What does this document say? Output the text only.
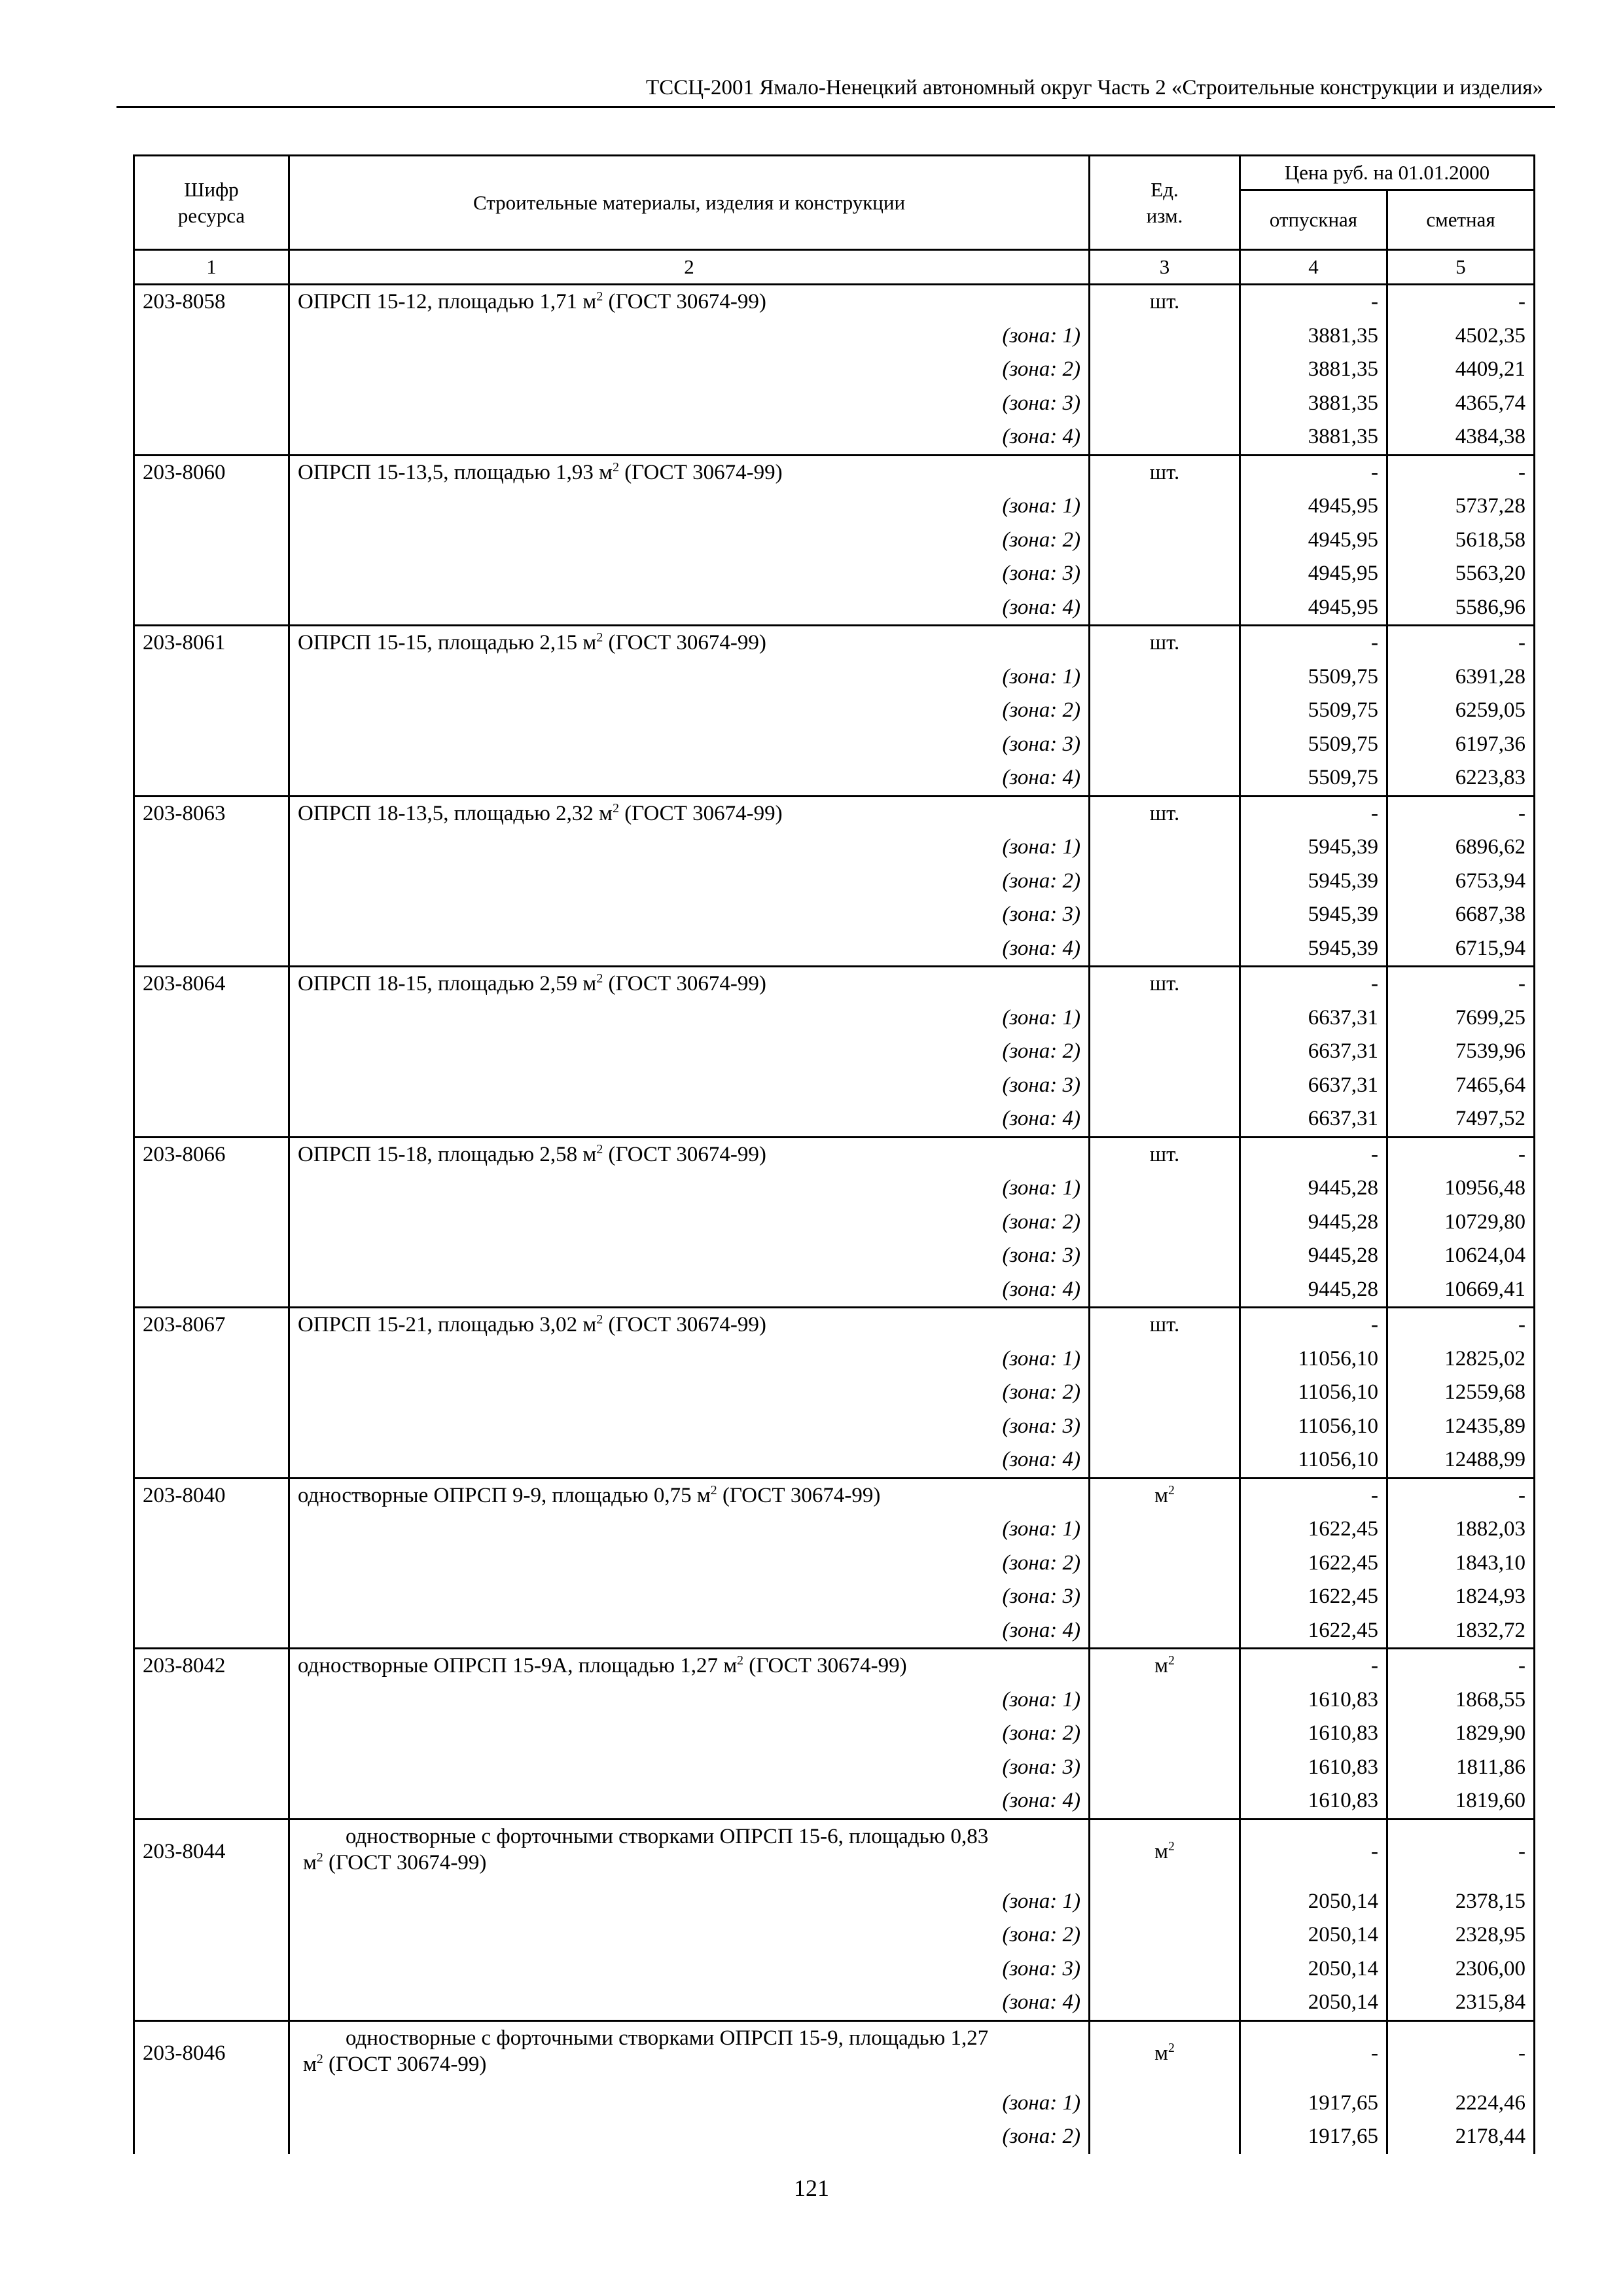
ТССЦ-2001 Ямало-Ненецкий автономный округ Часть 2 «Строительные конструкции и изделия»
Шифр
ресурса	Строительные материалы, изделия и конструкции	Ед.
изм.	Цена руб. на 01.01.2000	
			отпускная	сметная
1	2	3	4	5
203-8058	ОПРСП 15-12, площадью 1,71 $м^2$ (ГОСТ 30674-99)	шт.	-	-
	(зона: 1)		3881,35	4502,35
	(зона: 2)		3881,35	4409,21
	(зона: 3)		3881,35	4365,74
	(зона: 4)		3881,35	4384,38
203-8060	ОПРСП 15-13,5, площадью 1,93 $м^2$ (ГОСТ 30674-99)	шт.	-	-
	(зона: 1)		4945,95	5737,28
	(зона: 2)		4945,95	5618,58
	(зона: 3)		4945,95	5563,20
	(зона: 4)		4945,95	5586,96
203-8061	ОПРСП 15-15, площадью 2,15 $м^2$ (ГОСТ 30674-99)	шт.	-	-
	(зона: 1)		5509,75	6391,28
	(зона: 2)		5509,75	6259,05
	(зона: 3)		5509,75	6197,36
	(зона: 4)		5509,75	6223,83
203-8063	ОПРСП 18-13,5, площадью 2,32 $м^2$ (ГОСТ 30674-99)	шт.	-	-
	(зона: 1)		5945,39	6896,62
	(зона: 2)		5945,39	6753,94
	(зона: 3)		5945,39	6687,38
	(зона: 4)		5945,39	6715,94
203-8064	ОПРСП 18-15, площадью 2,59 $м^2$ (ГОСТ 30674-99)	шт.	-	-
	(зона: 1)		6637,31	7699,25
	(зона: 2)		6637,31	7539,96
	(зона: 3)		6637,31	7465,64
	(зона: 4)		6637,31	7497,52
203-8066	ОПРСП 15-18, площадью 2,58 $м^2$ (ГОСТ 30674-99)	шт.	-	-
	(зона: 1)		9445,28	10956,48
	(зона: 2)		9445,28	10729,80
	(зона: 3)		9445,28	10624,04
	(зона: 4)		9445,28	10669,41
203-8067	ОПРСП 15-21, площадью 3,02 $м^2$ (ГОСТ 30674-99)	шт.	-	-
	(зона: 1)		11056,10	12825,02
	(зона: 2)		11056,10	12559,68
	(зона: 3)		11056,10	12435,89
	(зона: 4)		11056,10	12488,99
203-8040	одностворные ОПРСП 9-9, площадью 0,75 $м^2$ (ГОСТ 30674-99)	$м^2$	-	-
	(зона: 1)		1622,45	1882,03
	(зона: 2)		1622,45	1843,10
	(зона: 3)		1622,45	1824,93
	(зона: 4)		1622,45	1832,72
203-8042	одностворные ОПРСП 15-9А, площадью 1,27 $м^2$ (ГОСТ 30674-99)	$м^2$	-	-
	(зона: 1)		1610,83	1868,55
	(зона: 2)		1610,83	1829,90
	(зона: 3)		1610,83	1811,86
	(зона: 4)		1610,83	1819,60
203-8044	одностворные с форточными створками ОПРСП 15-6, площадью 0,83
$м^2$ (ГОСТ 30674-99)	$м^2$	-	-
	(зона: 1)		2050,14	2378,15
	(зона: 2)		2050,14	2328,95
	(зона: 3)		2050,14	2306,00
	(зона: 4)		2050,14	2315,84
203-8046	одностворные с форточными створками ОПРСП 15-9, площадью 1,27
$м^2$ (ГОСТ 30674-99)	$м^2$	-	-
	(зона: 1)		1917,65	2224,46
	(зона: 2)		1917,65	2178,44
121
